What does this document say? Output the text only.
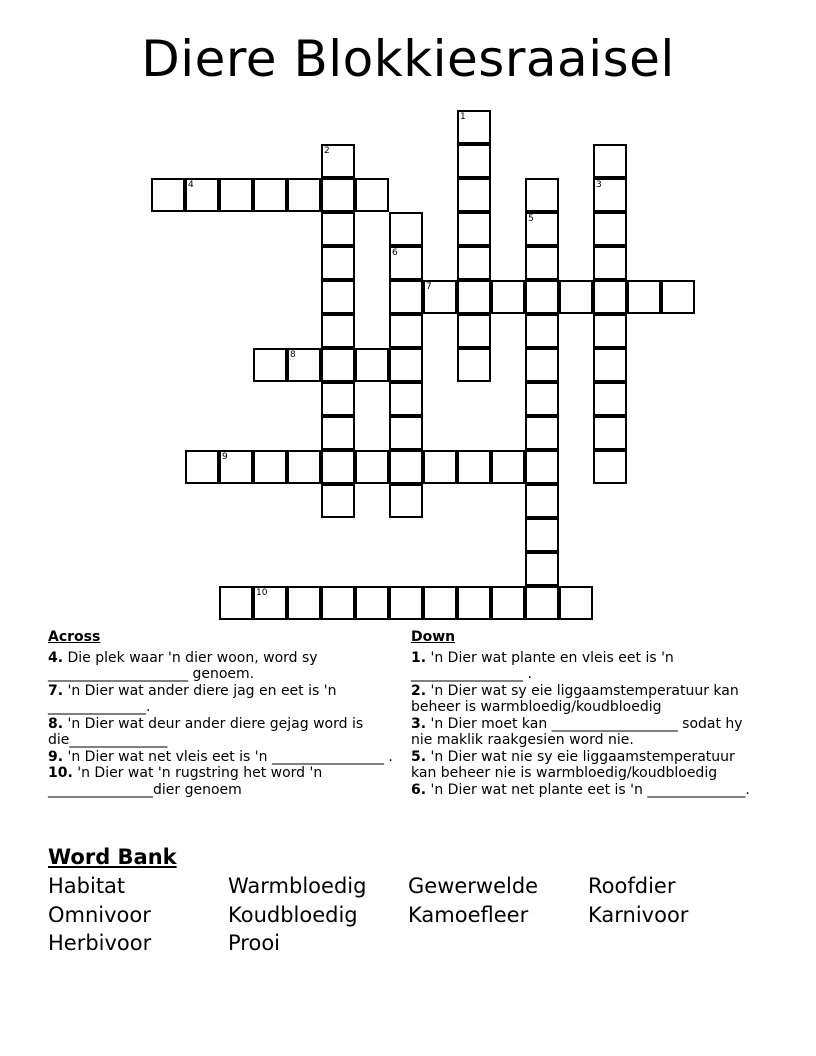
Diere Blokkiesraaisel
1
2
3
4
5
6
7
8
9
10
Across
4. Die plek waar 'n dier woon, word sy ____________________ genoem.
7. 'n Dier wat ander diere jag en eet is 'n ______________.
8. 'n Dier wat deur ander diere gejag word is die______________
9. 'n Dier wat net vleis eet is 'n ________________ .
10. 'n Dier wat 'n rugstring het word 'n _______________dier genoem
Down
1. 'n Dier wat plante en vleis eet is 'n ________________ .
2. 'n Dier wat sy eie liggaamstemperatuur kan beheer is warmbloedig/koudbloedig
3. 'n Dier moet kan __________________ sodat hy nie maklik raakgesien word nie.
5. 'n Dier wat nie sy eie liggaamstemperatuur kan beheer nie is warmbloedig/koudbloedig
6. 'n Dier wat net plante eet is 'n ______________.
Word Bank
Habitat	Warmbloedig Gewerwelde Roofdier
Omnivoor	Koudbloedig Kamoefleer	Karnivoor
Herbivoor	Prooi
